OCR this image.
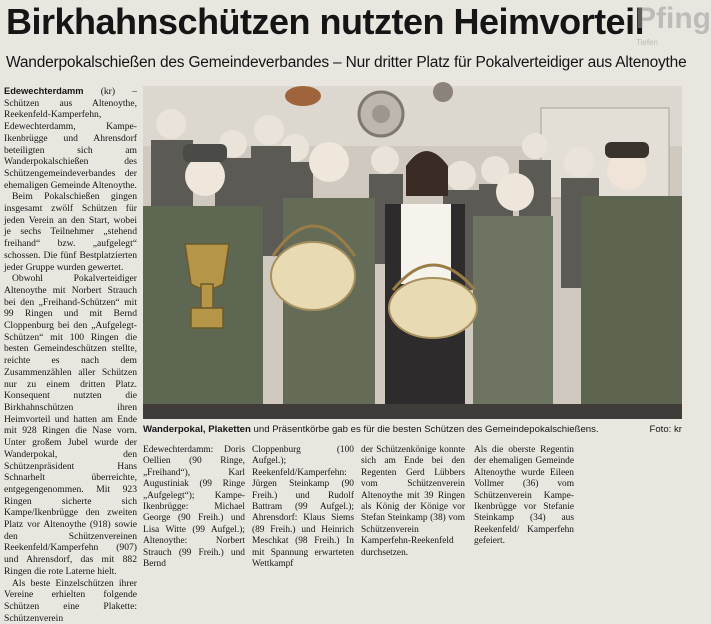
Birkhahnschützen nutzten Heimvorteil
Pfing
Tiefen
Wanderpokalschießen des Gemeindeverbandes – Nur dritter Platz für Pokalverteidiger aus Altenoythe

Edewechterdamm (kr) – Schützen aus Altenoythe, Reekenfeld-Kamperfehn, Edewechterdamm, Kampe-Ikenbrügge und Ahrensdorf beteiligten sich am Wanderpokalschießen des Schützengemeindeverbandes der ehemaligen Gemeinde Altenoythe.

Beim Pokalschießen gingen insgesamt zwölf Schützen für jeden Verein an den Start, wobei je sechs Teilnehmer „stehend freihand“ bzw. „aufgelegt“ schossen. Die fünf Bestplatzierten jeder Gruppe wurden gewertet.

Obwohl Pokalverteidiger Altenoythe mit Norbert Strauch bei den „Freihand-Schützen“ mit 99 Ringen und mit Bernd Cloppenburg bei den „Aufgelegt-Schützen“ mit 100 Ringen die besten Gemeindeschützen stellte, reichte es nach dem Zusammenzählen aller Schützen nur zu einem dritten Platz. Konsequent nutzten die Birkhahnschützen ihren Heimvorteil und hatten am Ende mit 928 Ringen die Nase vorn. Unter großem Jubel wurde der Wanderpokal, den Schützenpräsident Hans Schnarhelt überreichte, entgegengenommen. Mit 923 Ringen sicherte sich Kampe/Ikenbrügge den zweiten Platz vor Altenoythe (918) sowie den Schützenvereinen Reekenfeld/Kamperfehn (907) und Ahrensdorf, das mit 882 Ringen die rote Laterne hielt.

Als beste Einzelschützen ihrer Vereine erhielten folgende Schützen eine Plakette: Schützenverein

Wanderpokal, Plaketten und Präsentkörbe gab es für die besten Schützen des Gemeindepokalschießens.	Foto: kr

Edewechterdamm: Doris Oellien (90 Ringe, „Freihand“), Karl Augustiniak (99 Ringe „Aufgelegt“); Kampe-Ikenbrügge: Michael George (90 Freih.) und Lisa Witte (99 Aufgel.); Altenoythe: Norbert Strauch (99 Freih.) und Bernd

Cloppenburg (100 Aufgel.); Reekenfeld/Kamperfehn: Jürgen Steinkamp (90 Freih.) und Rudolf Battram (99 Aufgel.); Ahrensdorf: Klaus Siems (89 Freih.) und Heinrich Meschkat (98 Freih.) In mit Spannung erwarteten Wettkampf

der Schützenkönige konnte sich am Ende bei den Regenten Gerd Lübbers vom Schützenverein Altenoythe mit 39 Ringen als König der Könige vor Stefan Steinkamp (38) vom Schützenverein Kamperfehn-Reekenfeld durchsetzen.

Als die oberste Regentin der ehemaligen Gemeinde Altenoythe wurde Eileen Vollmer (36) vom Schützenverein Kampe-Ikenbrügge vor Stefanie Steinkamp (34) aus Reekenfeld/ Kamperfehn gefeiert.
